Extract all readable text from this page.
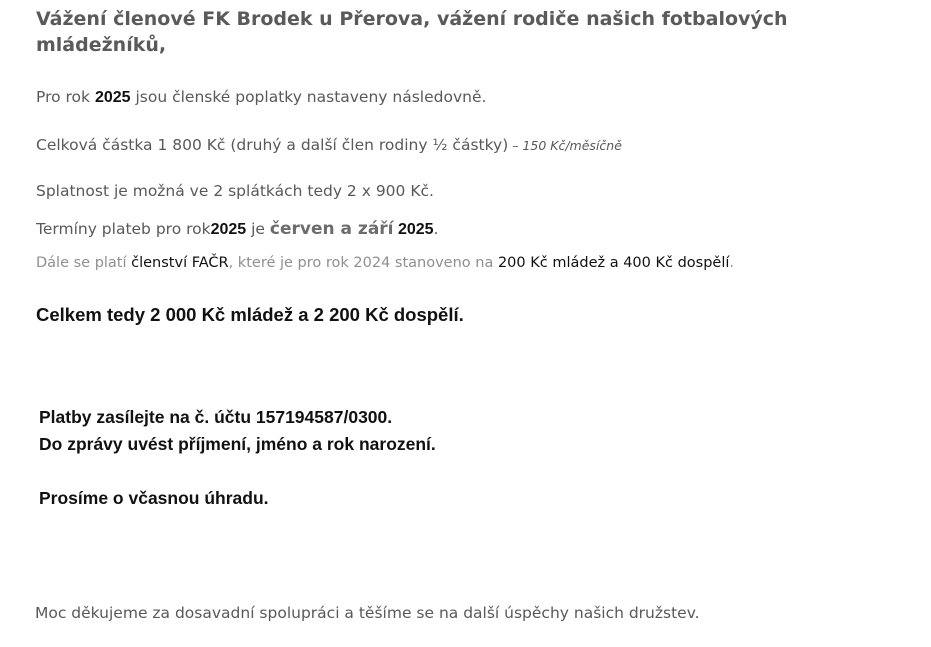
Vážení členové FK Brodek u Přerova, vážení rodiče našich fotbalových mládežníků,
Pro rok 2025 jsou členské poplatky nastaveny následovně.
Celková částka 1 800 Kč (druhý a další člen rodiny ½ částky) – 150 Kč/měsíčně
Splatnost je možná ve 2 splátkách tedy 2 x 900 Kč.
Termíny plateb pro rok2025 je červen a září 2025.
Dále se platí členství FAČR, které je pro rok 2024 stanoveno na 200 Kč mládež a 400 Kč dospělí.
Celkem tedy 2 000 Kč mládež a 2 200 Kč dospělí.
Platby zasílejte na č. účtu 157194587/0300.
Do zprávy uvést příjmení, jméno a rok narození.
Prosíme o včasnou úhradu.
Moc děkujeme za dosavadní spolupráci a těšíme se na další úspěchy našich družstev.
